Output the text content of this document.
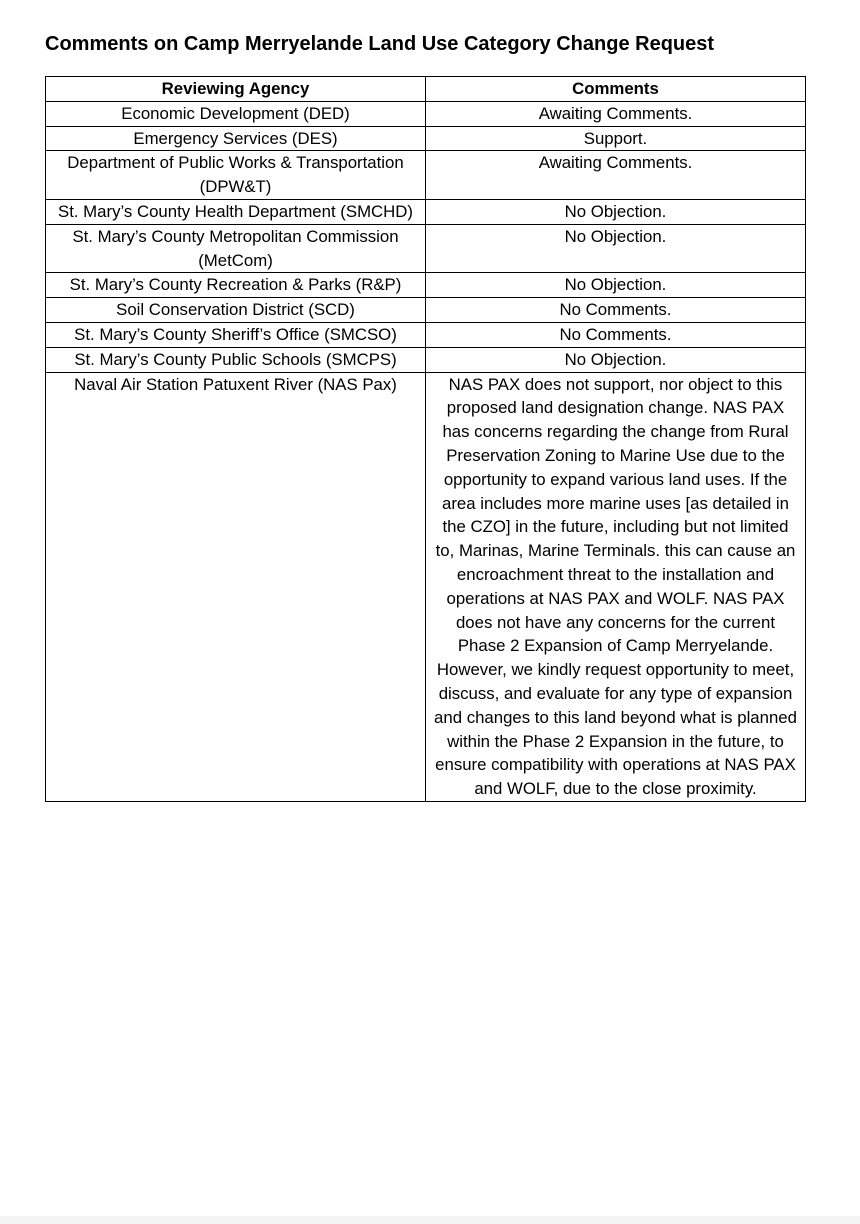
Comments on Camp Merryelande Land Use Category Change Request
Reviewing Agency	Comments
Economic Development (DED)	Awaiting Comments.
Emergency Services (DES)	Support.
Department of Public Works & Transportation (DPW&T)	Awaiting Comments.
St. Mary’s County Health Department (SMCHD)	No Objection.
St. Mary’s County Metropolitan Commission (MetCom)	No Objection.
St. Mary’s County Recreation & Parks (R&P)	No Objection.
Soil Conservation District (SCD)	No Comments.
St. Mary’s County Sheriff’s Office (SMCSO)	No Comments.
St. Mary’s County Public Schools (SMCPS)	No Objection.
Naval Air Station Patuxent River (NAS Pax)	NAS PAX does not support, nor object to this proposed land designation change. NAS PAX has concerns regarding the change from Rural Preservation Zoning to Marine Use due to the opportunity to expand various land uses. If the area includes more marine uses [as detailed in the CZO] in the future, including but not limited to, Marinas, Marine Terminals. this can cause an encroachment threat to the installation and operations at NAS PAX and WOLF. NAS PAX does not have any concerns for the current Phase 2 Expansion of Camp Merryelande. However, we kindly request opportunity to meet, discuss, and evaluate for any type of expansion and changes to this land beyond what is planned within the Phase 2 Expansion in the future, to ensure compatibility with operations at NAS PAX and WOLF, due to the close proximity.
